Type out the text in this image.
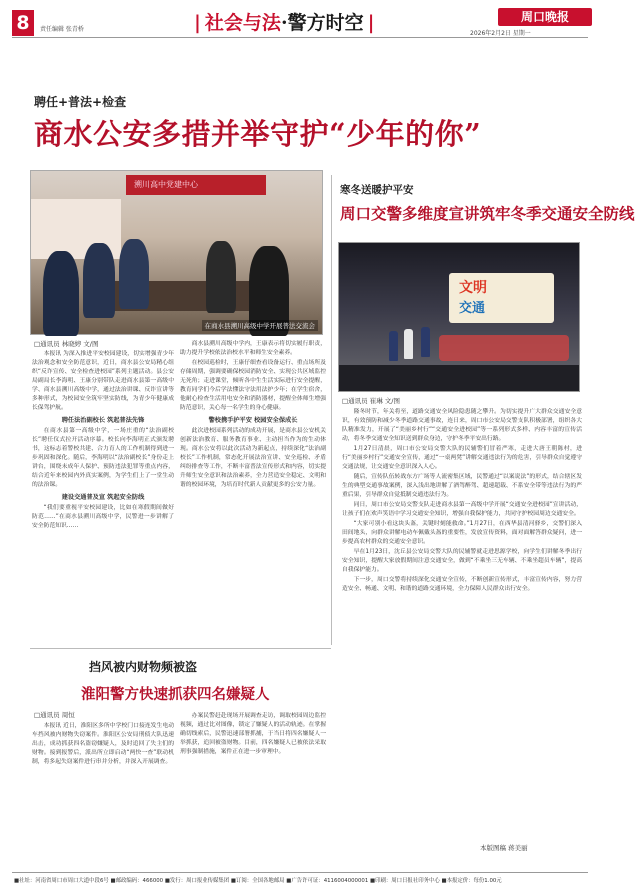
8	责任编辑 张青桥	| 社会与法·警方时空 |	周口晚报
2026年2月2日 星期一
聘任+普法+检查
商水公安多措并举守护“少年的你”
溯川高中党建中心
在商水县溯川高级中学开展普法交流会
□通讯员 林晓婷 文/图

本报讯 为深入推进平安校园建设，切实增强青少年法治观念和安全防范意识，近日，商水县公安局精心组织“反诈宣传、安全检查进校园”系列主题活动。县公安局副局长李海明、王康分别带队走进商水县第一高级中学、商水县溯川高级中学，通过法治讲课、反诈宣讲等多种形式，为校园安全筑牢坚实防线，为青少年健康成长保驾护航。

聘任法治副校长 筑起普法先锋

在商水县第一高级中学，一场庄重的“法治副校长”聘任仪式拉开活动序幕。校长向李海明正式颁发聘书，这标志着警校共建、合力育人的工作机制得到进一步巩固和深化。随后，李海明以“法治副校长”身份走上讲台，围绕未成年人保护、预防违法犯罪等重点内容，结合近年来校园内外真实案例，为学生们上了一堂生动的法治课。

建设交通普及宣 筑起安全防线

“我们要重视平安校园建设，比如在寒假期间做好防范……”在商水县溯川高级中学，民警进一步讲解了安全防范知识……

商水县溯川高级中学内，王康表示将切实履行职责，助力提升学校依法治校水平和师生安全素养。

在校园巡检时，王康仔细查看设备运行、重点场所及存储周期，强调要确保校园消防安全、实现公共区域监控无死角；走进课堂，倾听各中生生活实际进行安全提醒，教育同学们今后学法懂法守法用法护少年；在学生宿舍，他耐心检查生活用电安全和消防器材，提醒全体师生增强防范意识，关心每一名学生的身心健康。

警校携手护平安 校园安全保成长

此次进校园系列活动的成功开展，是商水县公安机关创新法治教育、服务教育事业、主动担当作为的生动体现。商水公安将以此次活动为新起点，持续深化“法治副校长”工作机制，常态化开展法治宣讲、安全巡检、矛盾纠纷排查等工作，不断丰富普法宣传形式和内容，切实提升师生安全意识和法治素养，全力营造安全稳定、文明和谐的校园环境，为培育时代新人贡献更多的公安力量。

寒冬送暖护平安
周口交警多维度宣讲筑牢冬季交通安全防线
文明
交通
□通讯员 崔琳 文/图

隆冬时节，年关将至，道路交通安全风险隐患随之攀升。为切实提升广大群众交通安全意识，有效预防和减少冬季道路交通事故，连日来，周口市公安局交警支队积极部署，组织各大队精准发力，开展了“美丽乡村行”“交通安全进校园”等一系列形式多样、内容丰富的宣传活动，将冬季交通安全知识送到群众身边，守护冬季平安出行路。

1月27日清晨，周口市公安局交警大队的民辅警们冒着严寒，走进大唐王朝陈村，进行“美丽乡村行”交通安全宣传，通过“一桌两凳”讲解交通违法行为的危害，引导群众自觉遵守交通法规，让交通安全意识深入人心。

随后，宣传队伍转战东方广场等人流密集区域，民警通过“以案说法”的形式，结合辖区发生的典型交通事故案例，深入浅出地讲解了酒驾醉驾、超速超载、不系安全带等违法行为的严重后果，引导群众自觉抵制交通违法行为。

同日，周口市公安局交警支队走进商水县第一高级中学开展“交通安全进校园”宣讲活动，让孩子们在欢声笑语中学习交通安全知识，增强自我保护能力，共同守护校园周边交通安全。

“大家可别小看这块头盔，关键时刻能救命。”1月27日，在西华县清河驿乡，交警们深入田间地头，向群众讲解电动车佩戴头盔的重要性，发放宣传资料，面对面解答群众疑问，进一步提高农村群众的交通安全意识。

早在1月23日，沈丘县公安局交警大队的民辅警就走进思源学校，向学生们讲解冬季出行安全知识，提醒大家放假期间注意交通安全，做到“不乘坐三无车辆、不乘坐超员车辆”，提高自我保护能力。

下一步，周口交警将持续深化交通安全宣传，不断创新宣传形式，丰富宣传内容，努力营造安全、畅通、文明、和谐的道路交通环境，全力保障人民群众出行安全。

本版图稿 蒋美丽
挡风被内财物频被盗
淮阳警方快速抓获四名嫌疑人
□通讯员 周恒

本报讯 近日，淮阳区多所中学校门口接连发生电动车挡风被内财物失窃案件。淮阳区公安局刑侦大队迅速出击，成功抓获四名盗窃嫌疑人，及时追回了失主们的财物。接到报警后，派出所立即启动“两快一查”联动机制，将多起失窃案件进行串并分析，并深入开展调查。

办案民警赶赴现场开展调查走访，调取校园周边监控视频，通过比对图像，锁定了嫌疑人的活动轨迹。在掌握确切线索后，民警迅速部署抓捕，于当日将四名嫌疑人一举抓获，追回被盗财物。目前，四名嫌疑人已被依法采取刑事强制措施，案件正在进一步审理中。

■社址：河南省周口市周口大道中段6号 ■邮政编码：466000 ■发行：周口报业传媒集团 ■订阅：全国各地邮局 ■广告许可证：4116004000001 ■印刷：周口日报社印务中心 ■本报定价：每份1.00元
